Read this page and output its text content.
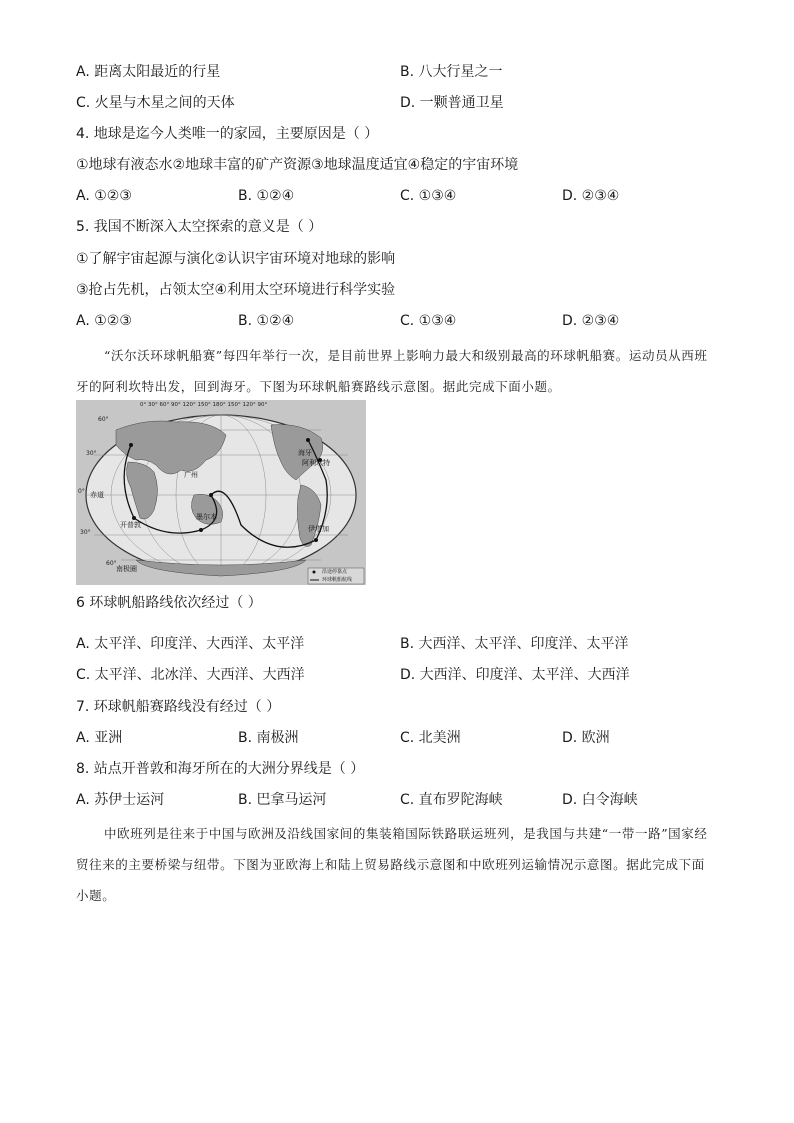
A. 距离太阳最近的行星	B. 八大行星之一
C. 火星与木星之间的天体	D. 一颗普通卫星
4. 地球是迄今人类唯一的家园，主要原因是（ ）
①地球有液态水②地球丰富的矿产资源③地球温度适宜④稳定的宇宙环境
A. ①②③	B. ①②④	C. ①③④	D. ②③④
5. 我国不断深入太空探索的意义是（ ）
①了解宇宙起源与演化②认识宇宙环境对地球的影响
③抢占先机，占领太空④利用太空环境进行科学实验
A. ①②③	B. ①②④	C. ①③④	D. ②③④
“沃尔沃环球帆船赛”每四年举行一次，是目前世界上影响力最大和级别最高的环球帆船赛。运动员从西班牙的阿利坎特出发，回到海牙。下图为环球帆船赛路线示意图。据此完成下面小题。
0° 30° 60° 90° 120° 150° 180° 150° 120° 90°
60°
30°
0°
30°
60°
赤道
广州
开普敦
墨尔本
伊塔加
阿利坎特
海牙
南极圈	沿途停靠点
环球帆船航线
6 环球帆船路线依次经过（ ）
A. 太平洋、印度洋、大西洋、太平洋	B. 大西洋、太平洋、印度洋、太平洋
C. 太平洋、北冰洋、大西洋、大西洋	D. 大西洋、印度洋、太平洋、大西洋
7. 环球帆船赛路线没有经过（ ）
A. 亚洲	B. 南极洲	C. 北美洲	D. 欧洲
8. 站点开普敦和海牙所在的大洲分界线是（ ）
A. 苏伊士运河	B. 巴拿马运河	C. 直布罗陀海峡	D. 白令海峡
中欧班列是往来于中国与欧洲及沿线国家间的集装箱国际铁路联运班列，是我国与共建“一带一路”国家经贸往来的主要桥梁与纽带。下图为亚欧海上和陆上贸易路线示意图和中欧班列运输情况示意图。据此完成下面小题。
